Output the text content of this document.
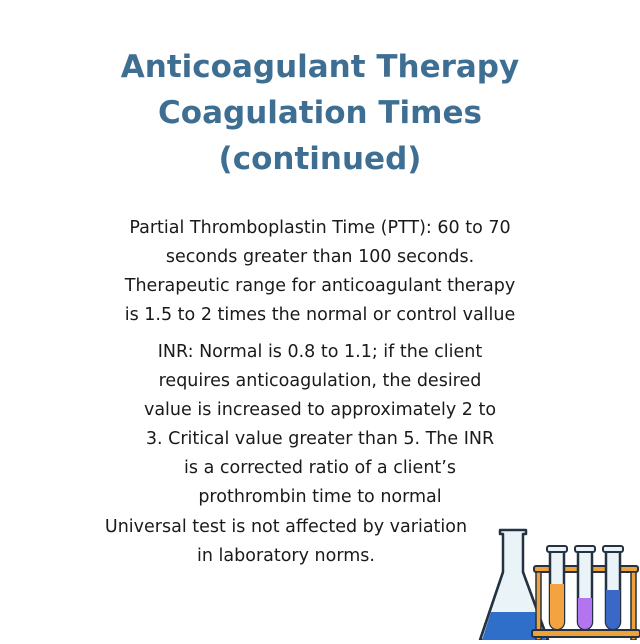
Anticoagulant Therapy
Coagulation Times
(continued)
Partial Thromboplastin Time (PTT): 60 to 70
seconds greater than 100 seconds.
Therapeutic range for anticoagulant therapy
is 1.5 to 2 times the normal or control vallue
INR: Normal is 0.8 to 1.1; if the client
requires anticoagulation, the desired
value is increased to approximately 2 to
3. Critical value greater than 5. The INR
is a corrected ratio of a client’s
prothrombin time to normal
Universal test is not affected by variation
in laboratory norms.
